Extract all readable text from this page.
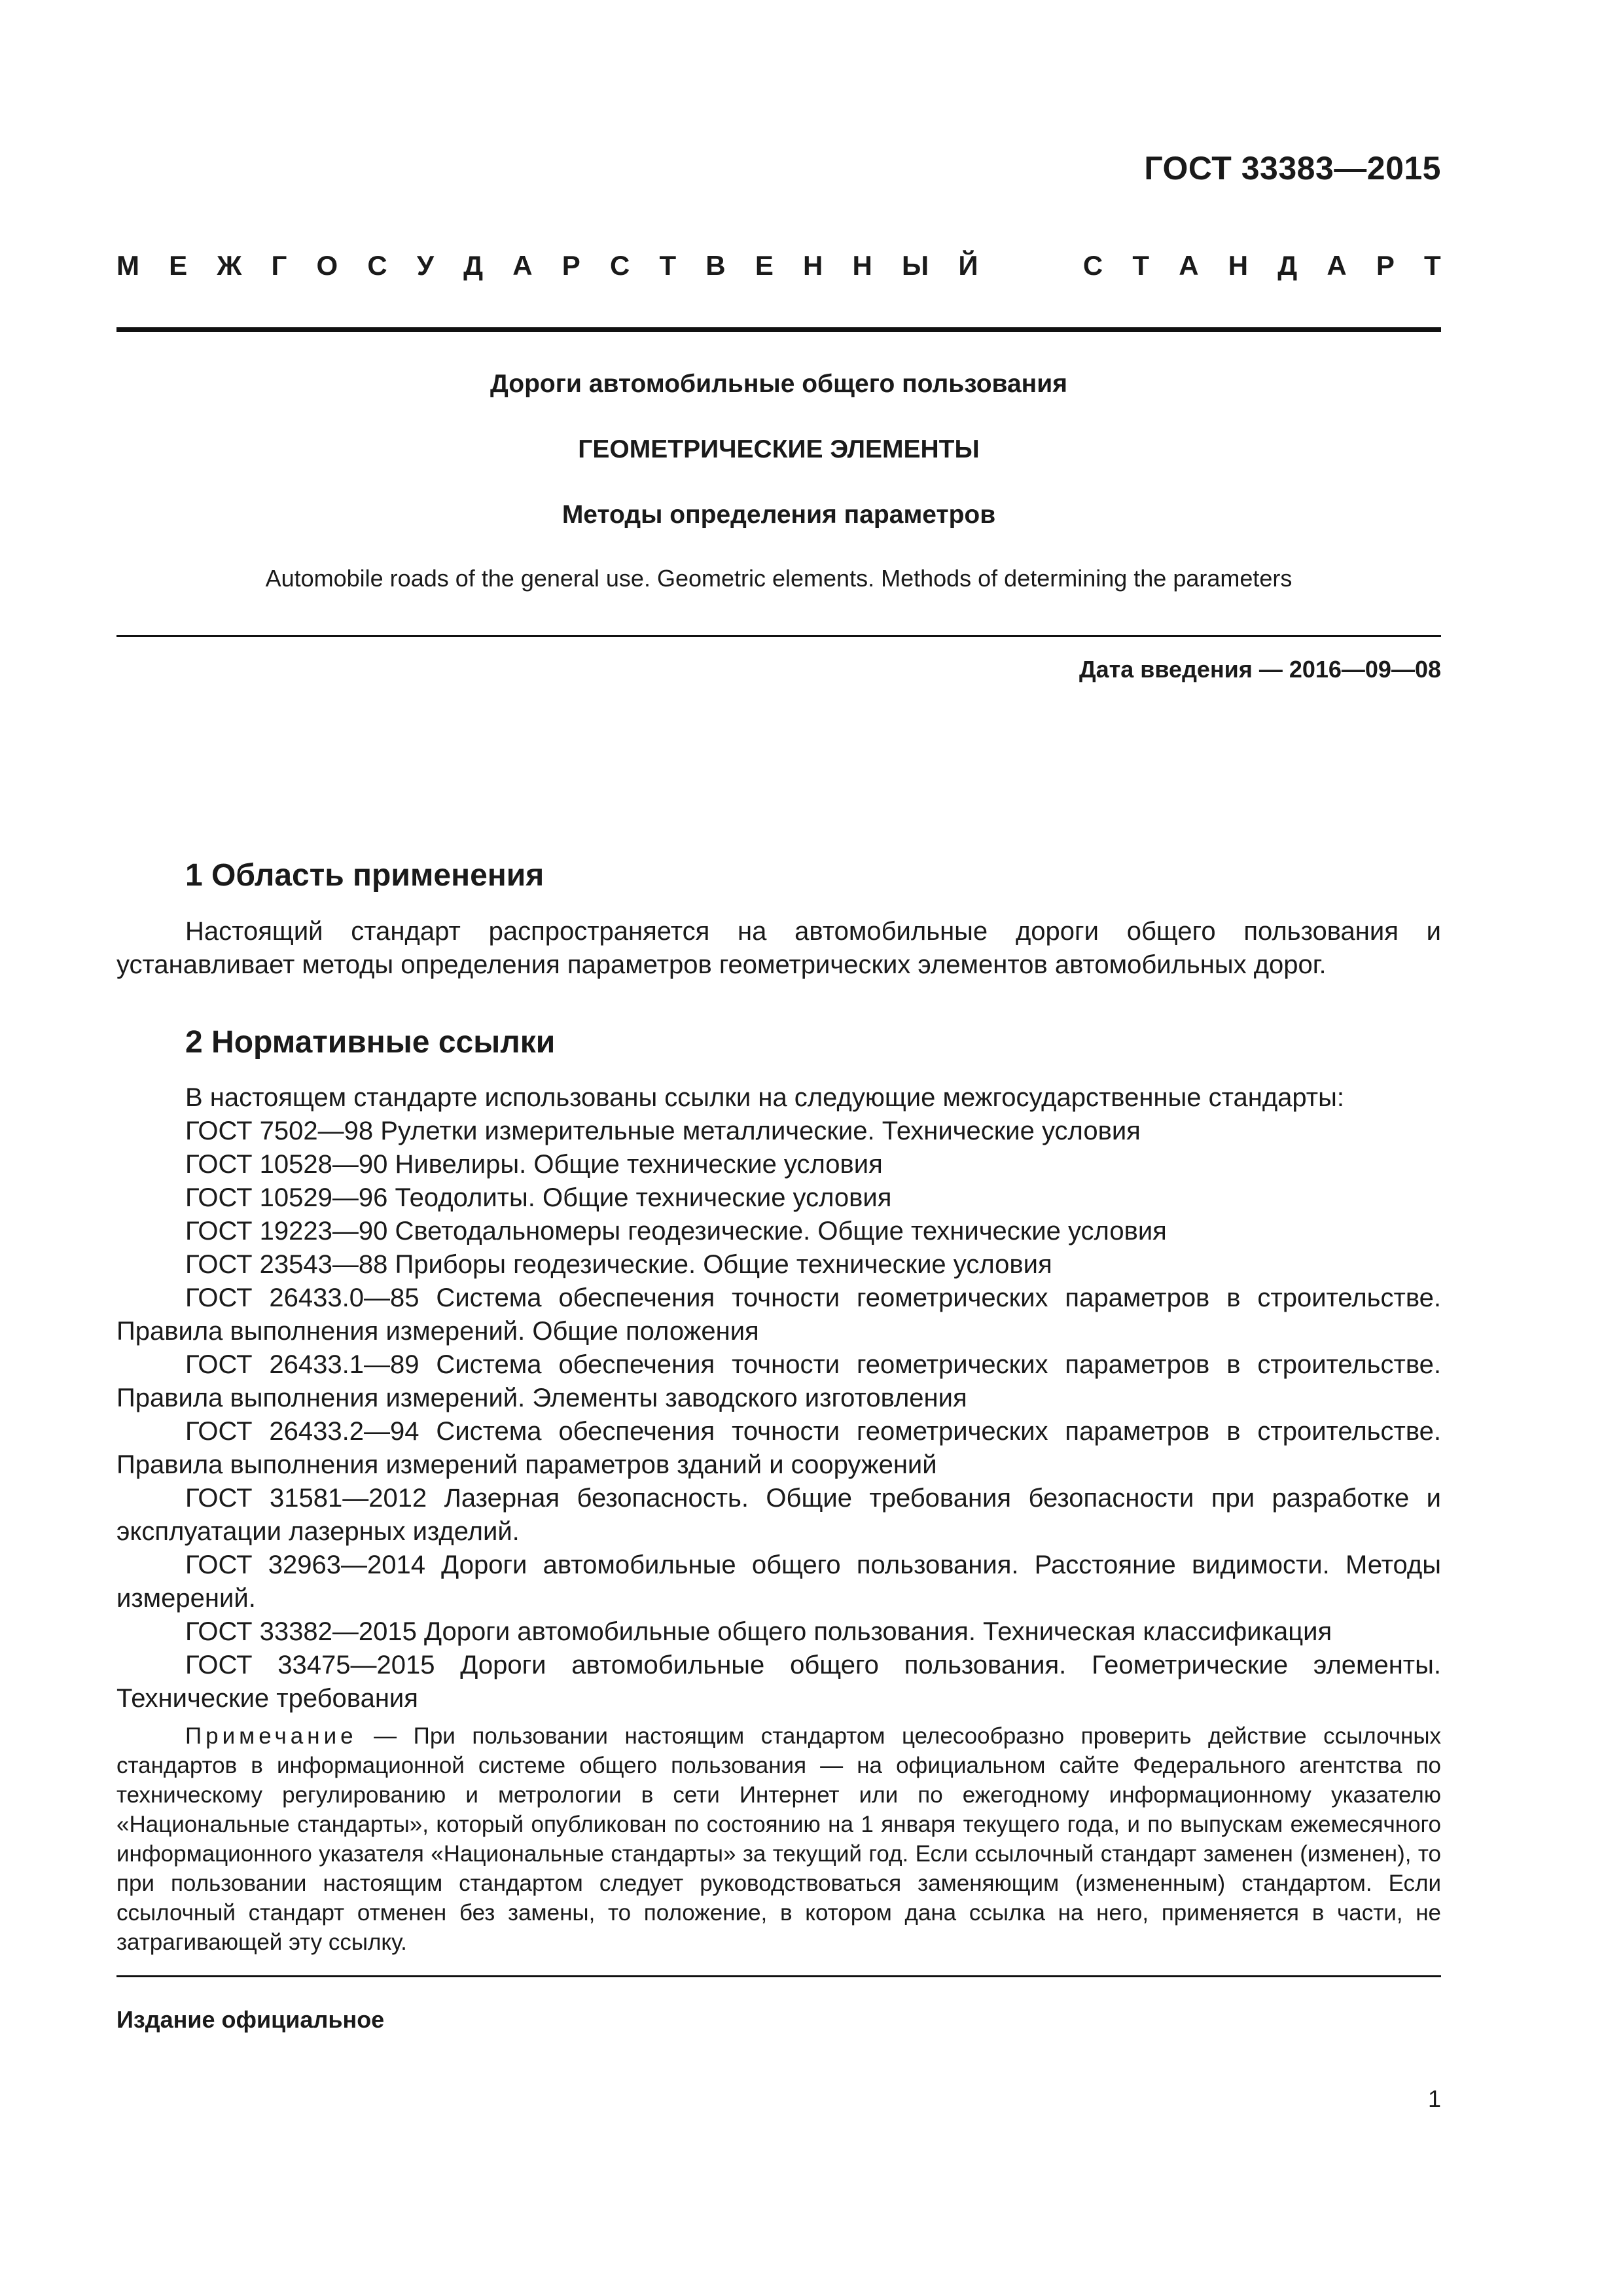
ГОСТ 33383—2015
М Е Ж Г О С У Д А Р С Т В Е Н Н Ы Й	С Т А Н Д А Р Т
Дороги автомобильные общего пользования
ГЕОМЕТРИЧЕСКИЕ ЭЛЕМЕНТЫ
Методы определения параметров
Automobile roads of the general use. Geometric elements. Methods of determining the parameters
Дата введения — 2016—09—08
1 Область применения

Настоящий стандарт распространяется на автомобильные дороги общего пользования и устанавливает методы определения параметров геометрических элементов автомобильных дорог.

2 Нормативные ссылки

В настоящем стандарте использованы ссылки на следующие межгосударственные стандарты:

ГОСТ 7502—98 Рулетки измерительные металлические. Технические условия

ГОСТ 10528—90 Нивелиры. Общие технические условия

ГОСТ 10529—96 Теодолиты. Общие технические условия

ГОСТ 19223—90 Светодальномеры геодезические. Общие технические условия

ГОСТ 23543—88 Приборы геодезические. Общие технические условия

ГОСТ 26433.0—85 Система обеспечения точности геометрических параметров в строительстве. Правила выполнения измерений. Общие положения

ГОСТ 26433.1—89 Система обеспечения точности геометрических параметров в строительстве. Правила выполнения измерений. Элементы заводского изготовления

ГОСТ 26433.2—94 Система обеспечения точности геометрических параметров в строительстве. Правила выполнения измерений параметров зданий и сооружений

ГОСТ 31581—2012 Лазерная безопасность. Общие требования безопасности при разработке и эксплуатации лазерных изделий.

ГОСТ 32963—2014 Дороги автомобильные общего пользования. Расстояние видимости. Методы измерений.

ГОСТ 33382—2015 Дороги автомобильные общего пользования. Техническая классификация

ГОСТ 33475—2015 Дороги автомобильные общего пользования. Геометрические элементы. Технические требования

Примечание — При пользовании настоящим стандартом целесообразно проверить действие ссылочных стандартов в информационной системе общего пользования — на официальном сайте Федерального агентства по техническому регулированию и метрологии в сети Интернет или по ежегодному информационному указателю «Национальные стандарты», который опубликован по состоянию на 1 января текущего года, и по выпускам ежемесячного информационного указателя «Национальные стандарты» за текущий год. Если ссылочный стандарт заменен (изменен), то при пользовании настоящим стандартом следует руководствоваться заменяющим (измененным) стандартом. Если ссылочный стандарт отменен без замены, то положение, в котором дана ссылка на него, применяется в части, не затрагивающей эту ссылку.

Издание официальное
1
